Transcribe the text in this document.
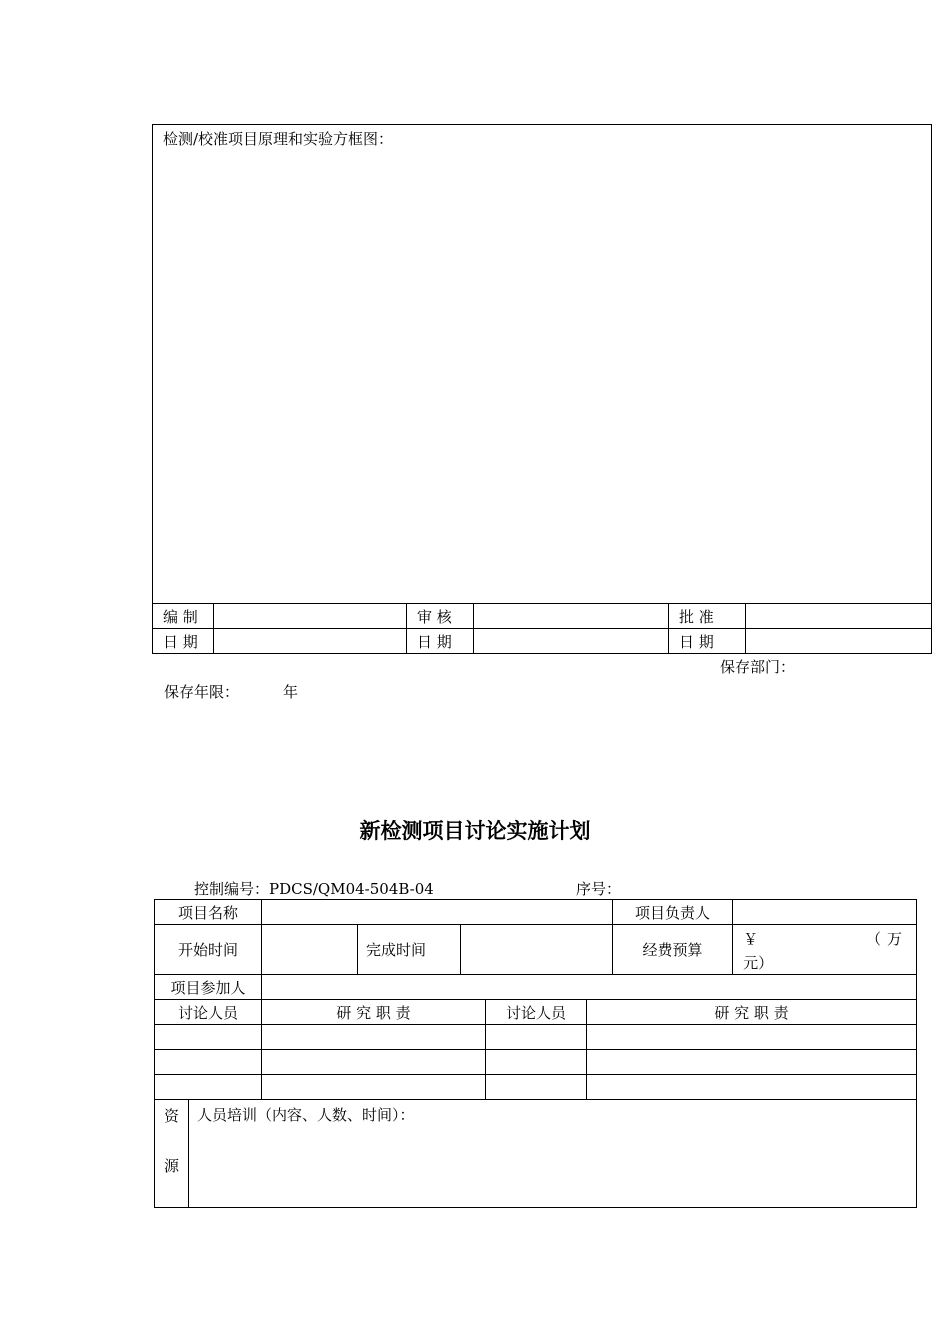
检测/校准项目原理和实验方框图：					
编 制		审 核		批 准	
日 期		日 期		日 期	
保存部门：
保存年限：	年
新检测项目讨论实施计划
控制编号：PDCS/QM04-504B-04	序号：
项目名称							项目负责人	
开始时间			完成时间				经费预算	￥ （万
元）

项目参加人								
讨论人员		研 究 职 责			讨论人员	研 究 职 责		

资
源	人员培训（内容、人数、时间）：							
